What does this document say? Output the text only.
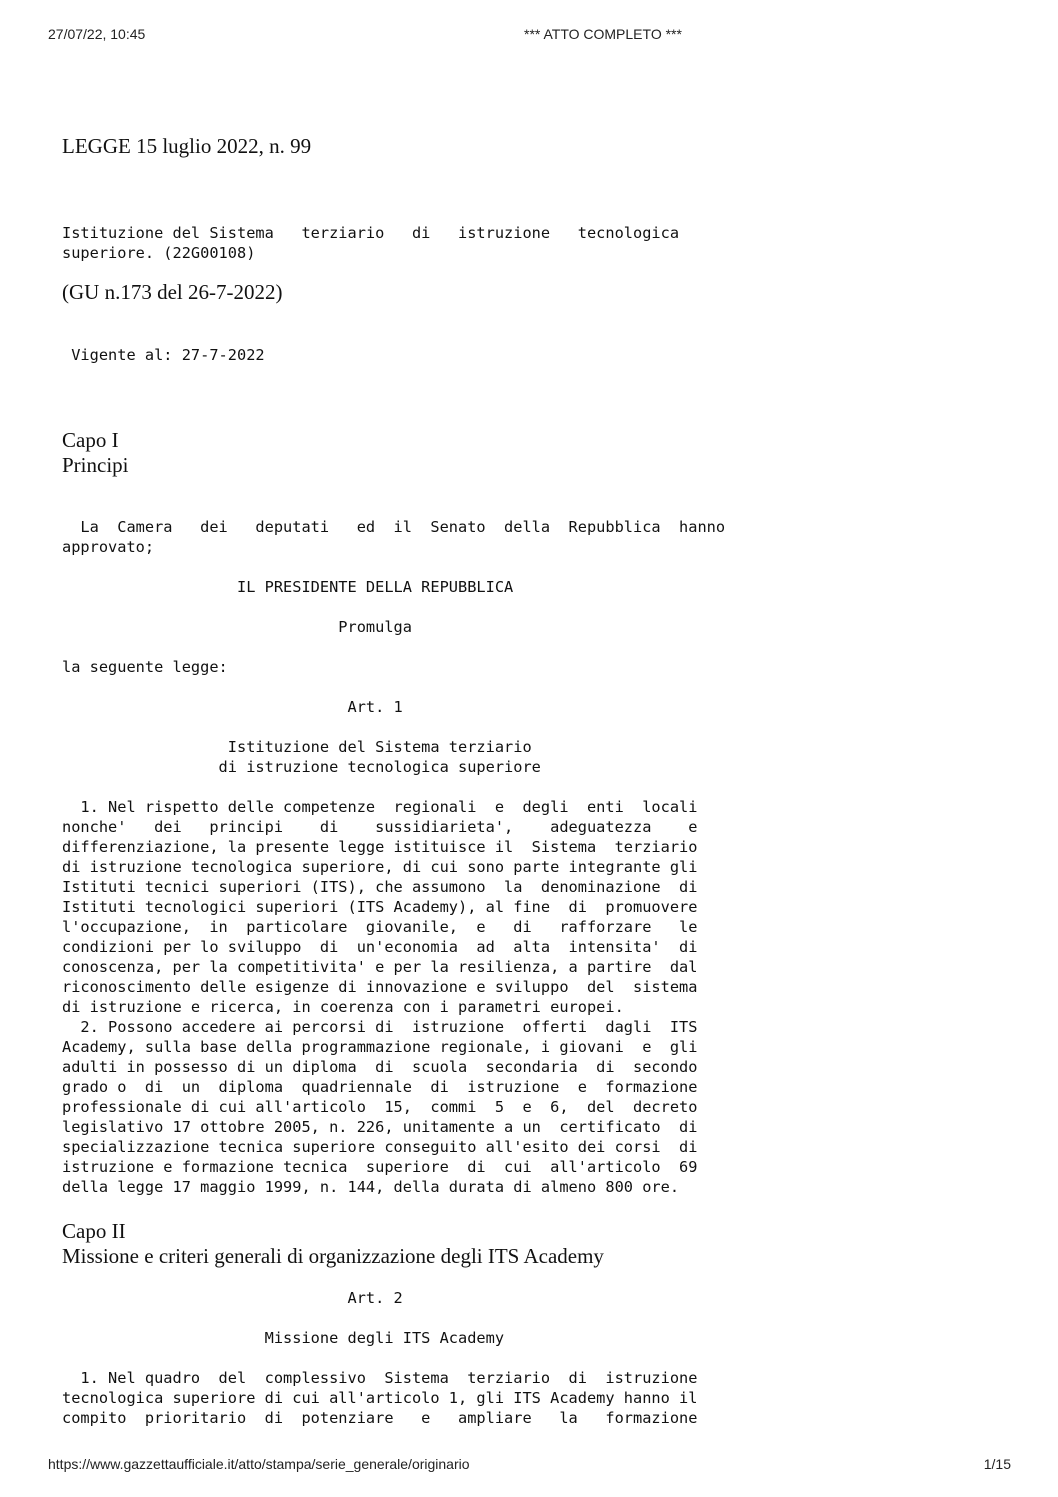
27/07/22, 10:45	*** ATTO COMPLETO ***
LEGGE 15 luglio 2022, n. 99
Istituzione del Sistema   terziario   di   istruzione   tecnologica
superiore. (22G00108)
(GU n.173 del 26-7-2022)
Vigente al: 27-7-2022
Capo I
Principi
La  Camera   dei   deputati   ed  il  Senato  della  Repubblica  hanno
approvato;

IL PRESIDENTE DELLA REPUBBLICA

Promulga

la seguente legge:

Art. 1

Istituzione del Sistema terziario
di istruzione tecnologica superiore

1. Nel rispetto delle competenze  regionali  e  degli  enti  locali
nonche'   dei   principi    di    sussidiarieta',    adeguatezza    e
differenziazione, la presente legge istituisce il  Sistema  terziario
di istruzione tecnologica superiore, di cui sono parte integrante gli
Istituti tecnici superiori (ITS), che assumono  la  denominazione  di
Istituti tecnologici superiori (ITS Academy), al fine  di  promuovere
l'occupazione,  in  particolare  giovanile,  e   di   rafforzare   le
condizioni per lo sviluppo  di  un'economia  ad  alta  intensita'  di
conoscenza, per la competitivita' e per la resilienza, a partire  dal
riconoscimento delle esigenze di innovazione e sviluppo  del  sistema
di istruzione e ricerca, in coerenza con i parametri europei.
2. Possono accedere ai percorsi di  istruzione  offerti  dagli  ITS
Academy, sulla base della programmazione regionale, i giovani  e  gli
adulti in possesso di un diploma  di  scuola  secondaria  di  secondo
grado o  di  un  diploma  quadriennale  di  istruzione  e  formazione
professionale di cui all'articolo  15,  commi  5  e  6,  del  decreto
legislativo 17 ottobre 2005, n. 226, unitamente a un  certificato  di
specializzazione tecnica superiore conseguito all'esito dei corsi  di
istruzione e formazione tecnica  superiore  di  cui  all'articolo  69
della legge 17 maggio 1999, n. 144, della durata di almeno 800 ore.
Capo II
Missione e criteri generali di organizzazione degli ITS Academy
Art. 2

Missione degli ITS Academy

1. Nel quadro  del  complessivo  Sistema  terziario  di  istruzione
tecnologica superiore di cui all'articolo 1, gli ITS Academy hanno il
compito  prioritario  di  potenziare   e   ampliare   la   formazione
https://www.gazzettaufficiale.it/atto/stampa/serie_generale/originario	1/15
